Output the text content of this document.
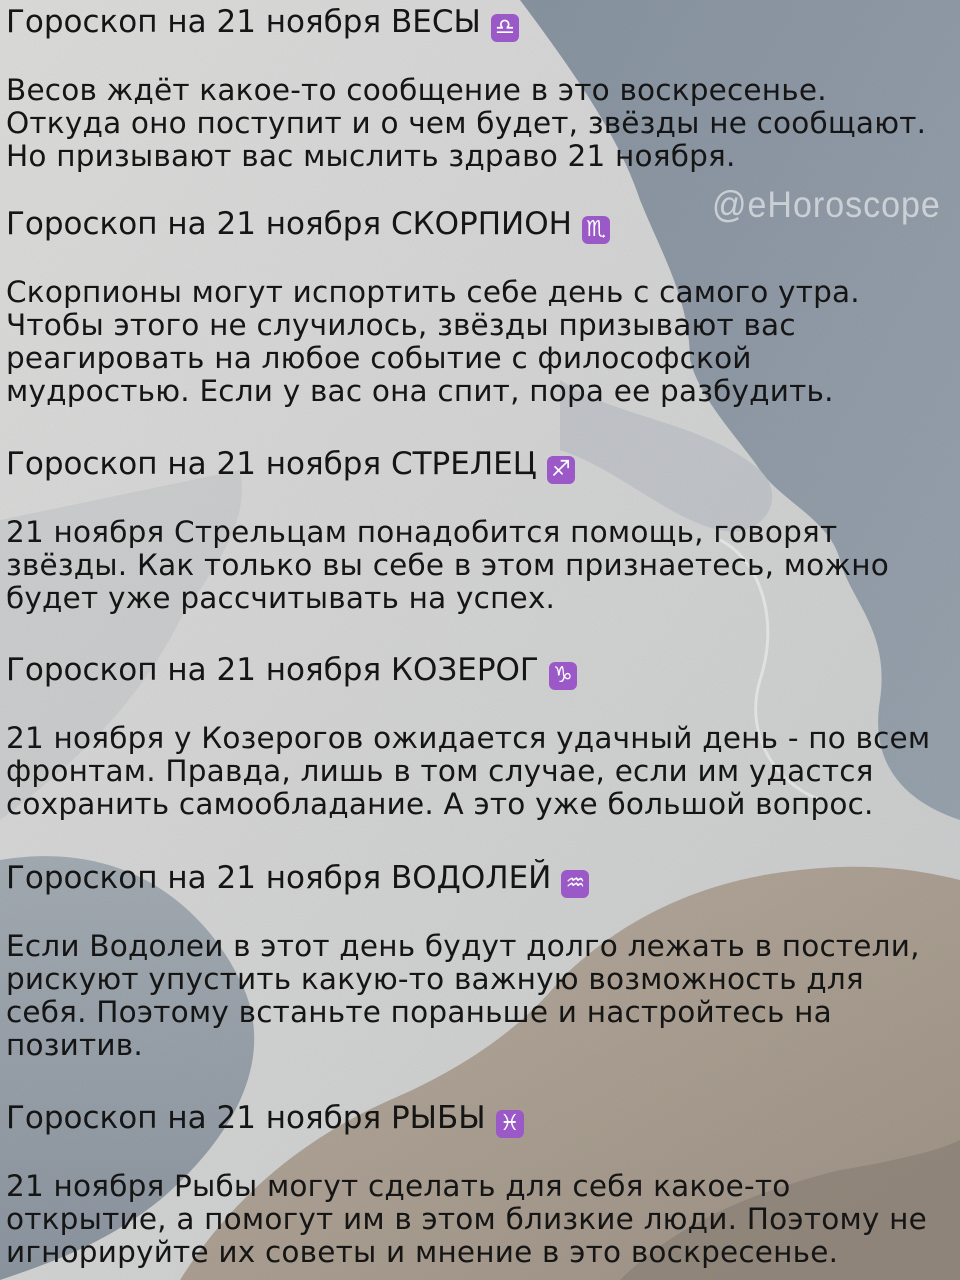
@eHoroscope
Гороскоп на 21 ноября ВЕСЫ ♎
Весов ждёт какое-то сообщение в это воскресенье.
Откуда оно поступит и о чем будет, звёзды не сообщают.
Но призывают вас мыслить здраво 21 ноября.
Гороскоп на 21 ноября СКОРПИОН ♏
Скорпионы могут испортить себе день с самого утра.
Чтобы этого не случилось, звёзды призывают вас
реагировать на любое событие с философской
мудростью. Если у вас она спит, пора ее разбудить.
Гороскоп на 21 ноября СТРЕЛЕЦ ♐
21 ноября Стрельцам понадобится помощь, говорят
звёзды. Как только вы себе в этом признаетесь, можно
будет уже рассчитывать на успех.
Гороскоп на 21 ноября КОЗЕРОГ ♑
21 ноября у Козерогов ожидается удачный день - по всем
фронтам. Правда, лишь в том случае, если им удастся
сохранить самообладание. А это уже большой вопрос.
Гороскоп на 21 ноября ВОДОЛЕЙ ♒
Если Водолеи в этот день будут долго лежать в постели,
рискуют упустить какую-то важную возможность для
себя. Поэтому встаньте пораньше и настройтесь на
позитив.
Гороскоп на 21 ноября РЫБЫ ♓
21 ноября Рыбы могут сделать для себя какое-то
открытие, а помогут им в этом близкие люди. Поэтому не
игнорируйте их советы и мнение в это воскресенье.
